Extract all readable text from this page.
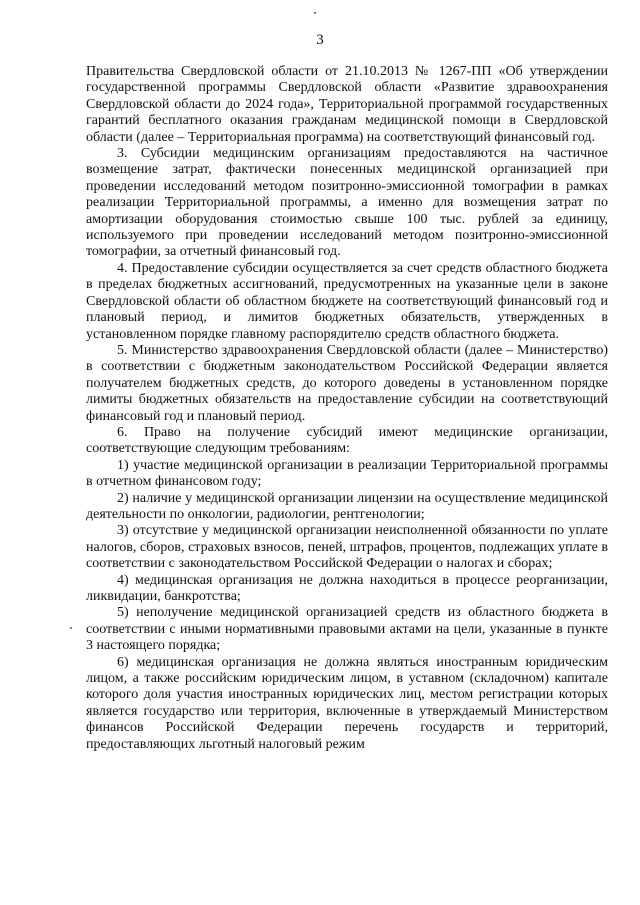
3

Правительства Свердловской области от 21.10.2013 № 1267-ПП «Об утверждении государственной программы Свердловской области «Развитие здравоохранения Свердловской области до 2024 года», Территориальной программой государственных гарантий бесплатного оказания гражданам медицинской помощи в Свердловской области (далее – Территориальная программа) на соответствующий финансовый год.

3. Субсидии медицинским организациям предоставляются на частичное возмещение затрат, фактически понесенных медицинской организацией при проведении исследований методом позитронно-эмиссионной томографии в рамках реализации Территориальной программы, а именно для возмещения затрат по амортизации оборудования стоимостью свыше 100 тыс. рублей за единицу, используемого при проведении исследований методом позитронно-эмиссионной томографии, за отчетный финансовый год.

4. Предоставление субсидии осуществляется за счет средств областного бюджета в пределах бюджетных ассигнований, предусмотренных на указанные цели в законе Свердловской области об областном бюджете на соответствующий финансовый год и плановый период, и лимитов бюджетных обязательств, утвержденных в установленном порядке главному распорядителю средств областного бюджета.

5. Министерство здравоохранения Свердловской области (далее – Министерство) в соответствии с бюджетным законодательством Российской Федерации является получателем бюджетных средств, до которого доведены в установленном порядке лимиты бюджетных обязательств на предоставление субсидии на соответствующий финансовый год и плановый период.

6. Право на получение субсидий имеют медицинские организации, соответствующие следующим требованиям:

1) участие медицинской организации в реализации Территориальной программы в отчетном финансовом году;

2) наличие у медицинской организации лицензии на осуществление медицинской деятельности по онкологии, радиологии, рентгенологии;

3) отсутствие у медицинской организации неисполненной обязанности по уплате налогов, сборов, страховых взносов, пеней, штрафов, процентов, подлежащих уплате в соответствии с законодательством Российской Федерации о налогах и сборах;

4) медицинская организация не должна находиться в процессе реорганизации, ликвидации, банкротства;

5) неполучение медицинской организацией средств из областного бюджета в соответствии с иными нормативными правовыми актами на цели, указанные в пункте 3 настоящего порядка;

6) медицинская организация не должна являться иностранным юридическим лицом, а также российским юридическим лицом, в уставном (складочном) капитале которого доля участия иностранных юридических лиц, местом регистрации которых является государство или территория, включенные в утверждаемый Министерством финансов Российской Федерации перечень государств и территорий, предоставляющих льготный налоговый режим
